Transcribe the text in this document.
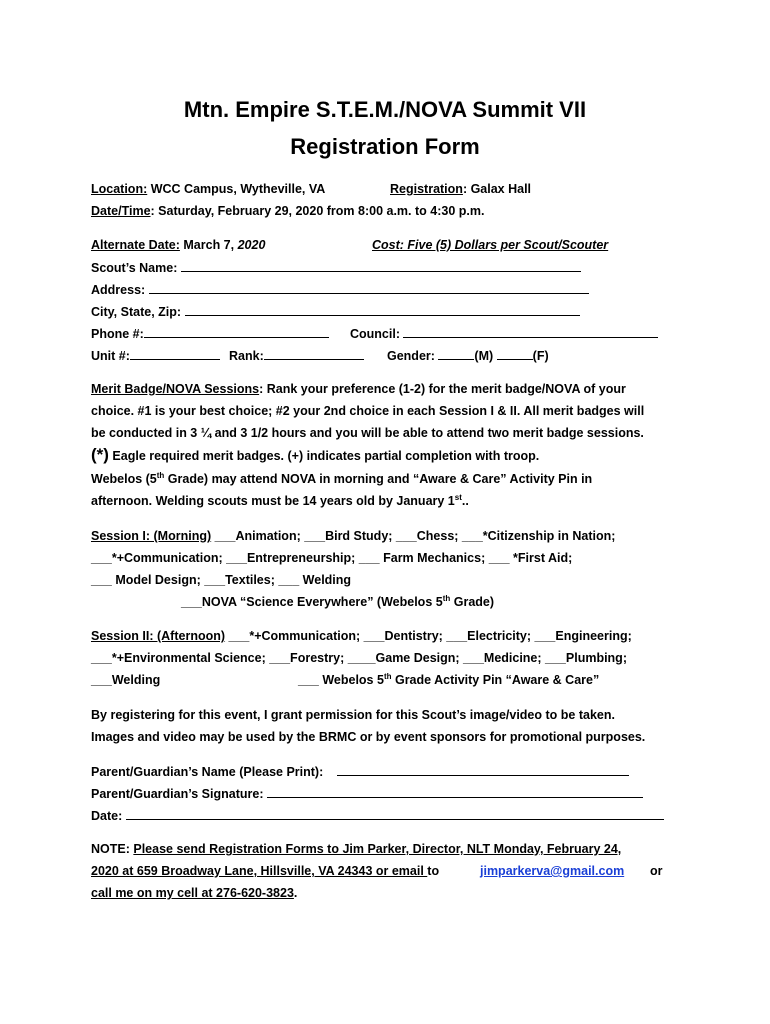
Mtn. Empire S.T.E.M./NOVA Summit VII
Registration Form
Location: WCC Campus, Wytheville, VA	Registration: Galax Hall
Date/Time: Saturday, February 29, 2020 from 8:00 a.m. to 4:30 p.m.
Alternate Date: March 7, 2020	Cost: Five (5) Dollars per Scout/Scouter
Scout’s Name:
Address:
City, State, Zip:
Phone #:	Council:
Unit #:	Rank:	Gender:	(M)	(F)
Merit Badge/NOVA Sessions: Rank your preference (1-2) for the merit badge/NOVA of your
choice. #1 is your best choice; #2 your 2nd choice in each Session I & II. All merit badges will
be conducted in 3 ¼ and 3 1/2 hours and you will be able to attend two merit badge sessions.
(*) Eagle required merit badges. (+) indicates partial completion with troop.
Webelos (5th Grade) may attend NOVA in morning and “Aware & Care” Activity Pin in
afternoon. Welding scouts must be 14 years old by January 1st..
Session I: (Morning) ___Animation; ___Bird Study; ___Chess; ___*Citizenship in Nation;
___*+Communication; ___Entrepreneurship; ___ Farm Mechanics; ___ *First Aid;
___ Model Design; ___Textiles; ___ Welding
___NOVA “Science Everywhere” (Webelos 5th Grade)
Session II: (Afternoon) ___*+Communication; ___Dentistry; ___Electricity; ___Engineering;
___*+Environmental Science; ___Forestry; ____Game Design; ___Medicine; ___Plumbing;
___Welding	___ Webelos 5th Grade Activity Pin “Aware & Care”
By registering for this event, I grant permission for this Scout’s image/video to be taken.
Images and video may be used by the BRMC or by event sponsors for promotional purposes.
Parent/Guardian’s Name (Please Print):
Parent/Guardian’s Signature:
Date:
NOTE: Please send Registration Forms to Jim Parker, Director, NLT Monday, February 24,
2020 at 659 Broadway Lane, Hillsville, VA 24343 or email to	jimparkerva@gmail.com or
call me on my cell at 276-620-3823.
